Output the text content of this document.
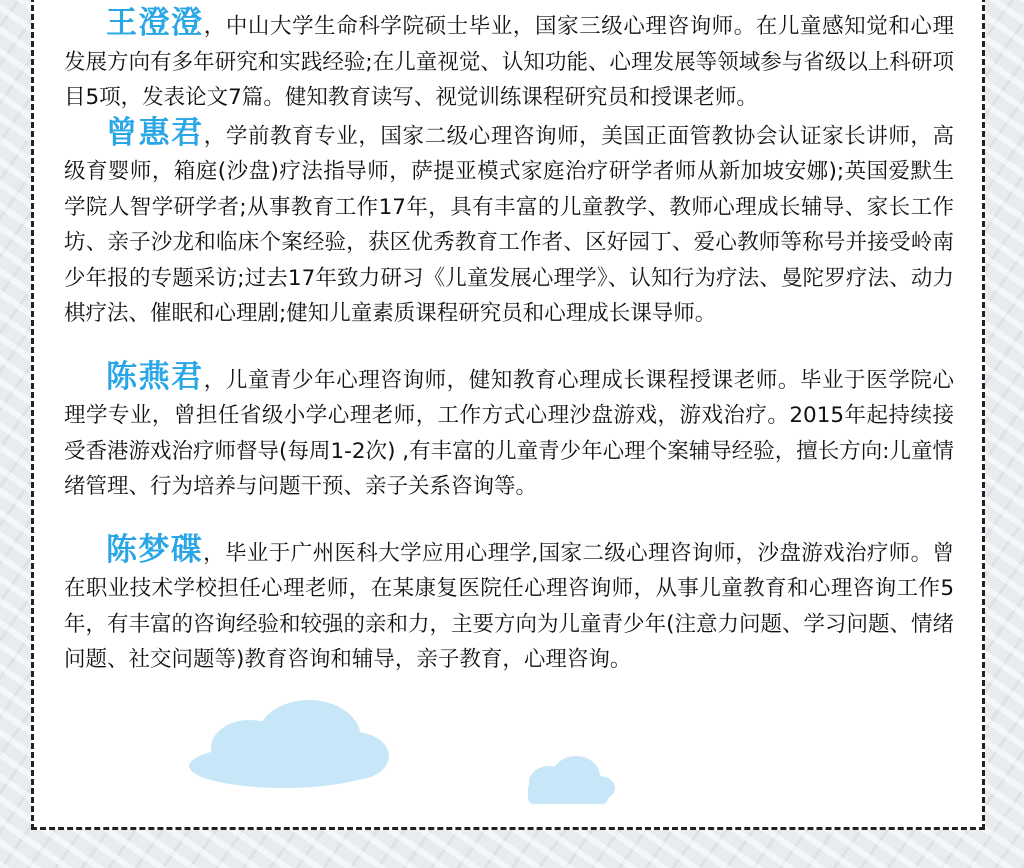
王澄澄，中山大学生命科学院硕士毕业，国家三级心理咨询师。在儿童感知觉和心理发展方向有多年研究和实践经验;在儿童视觉、认知功能、心理发展等领域参与省级以上科研项目5项，发表论文7篇。健知教育读写、视觉训练课程研究员和授课老师。

曾惠君，学前教育专业，国家二级心理咨询师，美国正面管教协会认证家长讲师，高级育婴师，箱庭(沙盘)疗法指导师，萨提亚模式家庭治疗研学者师从新加坡安娜);英国爱默生学院人智学研学者;从事教育工作17年，具有丰富的儿童教学、教师心理成长辅导、家长工作坊、亲子沙龙和临床个案经验，获区优秀教育工作者、区好园丁、爱心教师等称号并接受岭南少年报的专题采访;过去17年致力研习《儿童发展心理学》、认知行为疗法、曼陀罗疗法、动力棋疗法、催眠和心理剧;健知儿童素质课程研究员和心理成长课导师。

陈燕君，儿童青少年心理咨询师，健知教育心理成长课程授课老师。毕业于医学院心理学专业，曾担任省级小学心理老师，工作方式心理沙盘游戏，游戏治疗。2015年起持续接受香港游戏治疗师督导(每周1-2次) ,有丰富的儿童青少年心理个案辅导经验，擅长方向:儿童情绪管理、行为培养与问题干预、亲子关系咨询等。

陈梦碟，毕业于广州医科大学应用心理学,国家二级心理咨询师，沙盘游戏治疗师。曾在职业技术学校担任心理老师，在某康复医院任心理咨询师，从事儿童教育和心理咨询工作5年，有丰富的咨询经验和较强的亲和力，主要方向为儿童青少年(注意力问题、学习问题、情绪问题、社交问题等)教育咨询和辅导，亲子教育，心理咨询。
